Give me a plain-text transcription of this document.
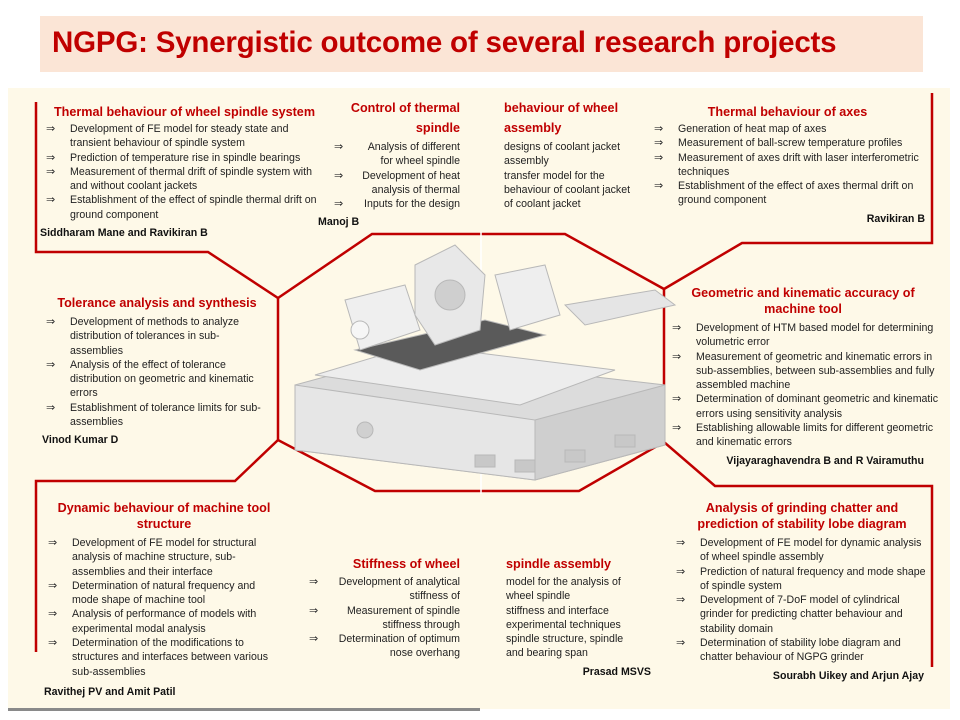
NGPG: Synergistic outcome of several research projects
Thermal behaviour of wheel spindle system
⇒ Development of FE model for steady state and transient behaviour of spindle system
⇒ Prediction of temperature rise in spindle bearings
⇒ Measurement of thermal drift of spindle system with and without coolant jackets
⇒ Establishment of the effect of spindle thermal drift on ground component
Siddharam Mane and Ravikiran B
Control of thermal
spindle
⇒ Analysis of different for wheel spindle
⇒ Development of heat analysis of thermal
⇒ Inputs for the design
Manoj B
behaviour of wheel
assembly

designs of coolant jacket

assembly

transfer model for the

behaviour of coolant jacket

of coolant jacket

Thermal behaviour of axes
⇒ Generation of heat map of axes
⇒ Measurement of ball-screw temperature profiles
⇒ Measurement of axes drift with laser interferometric techniques
⇒ Establishment of the effect of axes thermal drift on ground component
Ravikiran B
Tolerance analysis and synthesis
⇒ Development of methods to analyze distribution of tolerances in sub-assemblies
⇒ Analysis of the effect of tolerance distribution on geometric and kinematic errors
⇒ Establishment of tolerance limits for sub-assemblies
Vinod Kumar D
Geometric and kinematic accuracy of machine tool
⇒ Development of HTM based model for determining volumetric error
⇒ Measurement of geometric and kinematic errors in sub-assemblies, between sub-assemblies and fully assembled machine
⇒ Determination of dominant geometric and kinematic errors using sensitivity analysis
⇒ Establishing allowable limits for different geometric and kinematic errors
Vijayaraghavendra B and R Vairamuthu
Dynamic behaviour of machine tool structure
⇒ Development of FE model for structural analysis of machine structure, sub-assemblies and their interface
⇒ Determination of natural frequency and mode shape of machine tool
⇒ Analysis of performance of models with experimental modal analysis
⇒ Determination of the modifications to structures and interfaces between various sub-assemblies
Ravithej PV and Amit Patil
Stiffness of wheel
⇒ Development of analytical stiffness of
⇒	Measurement of spindle stiffness through
⇒ Determination of optimum nose overhang
spindle assembly

model for the analysis of

wheel spindle

stiffness and interface

experimental techniques

spindle structure, spindle

and bearing span

Prasad MSVS
Analysis of grinding chatter and prediction of stability lobe diagram
⇒ Development of FE model for dynamic analysis of wheel spindle assembly
⇒ Prediction of natural frequency and mode shape of spindle system
⇒ Development of 7-DoF model of cylindrical grinder for predicting chatter behaviour and stability domain
⇒ Determination of stability lobe diagram and chatter behaviour of NGPG grinder
Sourabh Uikey and Arjun Ajay
